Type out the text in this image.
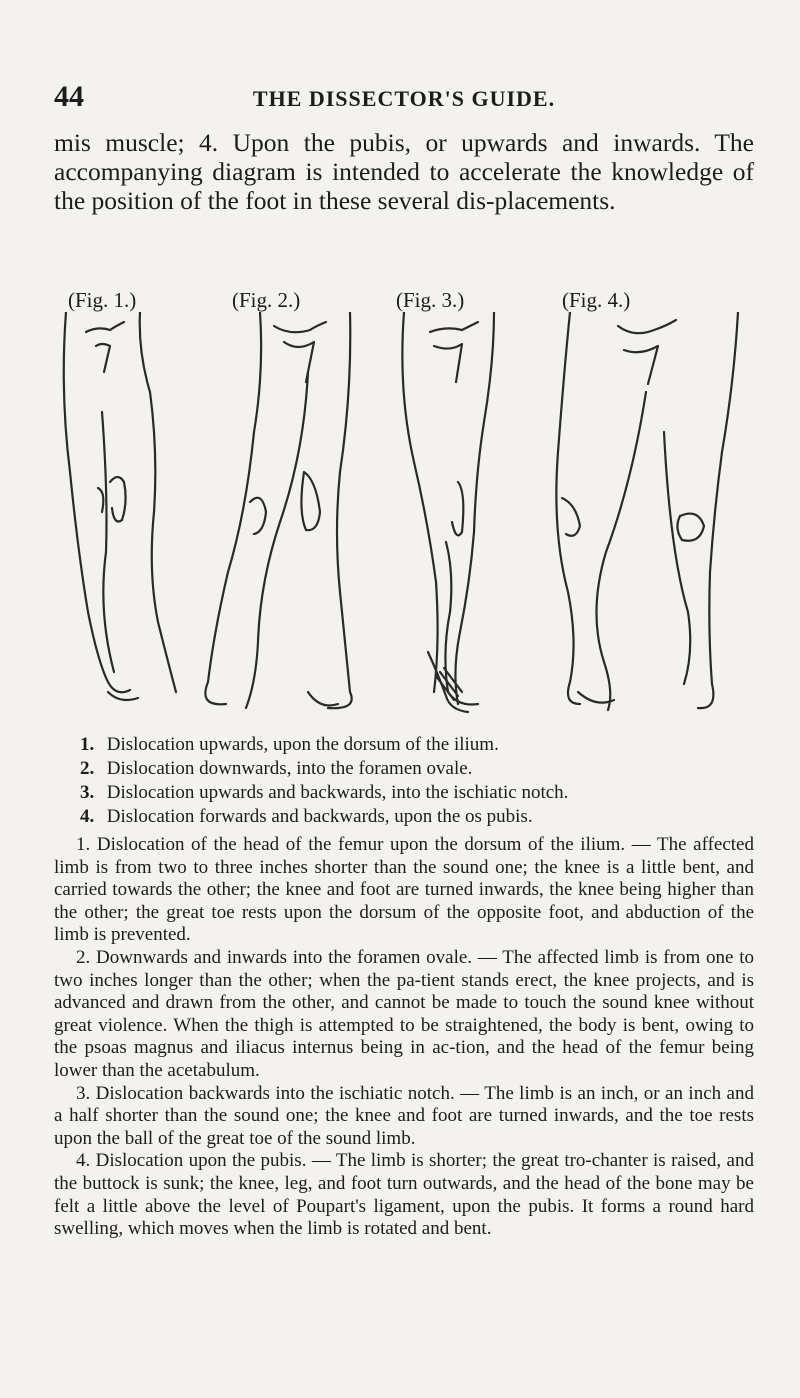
44	THE DISSECTOR'S GUIDE.
mis muscle; 4. Upon the pubis, or upwards and inwards. The accompanying diagram is intended to accelerate the knowledge of the position of the foot in these several dis-placements.
(Fig. 1.)	(Fig. 2.)	(Fig. 3.)	(Fig. 4.)
1. Dislocation upwards, upon the dorsum of the ilium.
2. Dislocation downwards, into the foramen ovale.
3. Dislocation upwards and backwards, into the ischiatic notch.
4. Dislocation forwards and backwards, upon the os pubis.

1. Dislocation of the head of the femur upon the dorsum of the ilium. — The affected limb is from two to three inches shorter than the sound one; the knee is a little bent, and carried towards the other; the knee and foot are turned inwards, the knee being higher than the other; the great toe rests upon the dorsum of the opposite foot, and abduction of the limb is prevented.

2. Downwards and inwards into the foramen ovale. — The affected limb is from one to two inches longer than the other; when the pa-tient stands erect, the knee projects, and is advanced and drawn from the other, and cannot be made to touch the sound knee without great violence. When the thigh is attempted to be straightened, the body is bent, owing to the psoas magnus and iliacus internus being in ac-tion, and the head of the femur being lower than the acetabulum.

3. Dislocation backwards into the ischiatic notch. — The limb is an inch, or an inch and a half shorter than the sound one; the knee and foot are turned inwards, and the toe rests upon the ball of the great toe of the sound limb.

4. Dislocation upon the pubis. — The limb is shorter; the great tro-chanter is raised, and the buttock is sunk; the knee, leg, and foot turn outwards, and the head of the bone may be felt a little above the level of Poupart's ligament, upon the pubis. It forms a round hard swelling, which moves when the limb is rotated and bent.
